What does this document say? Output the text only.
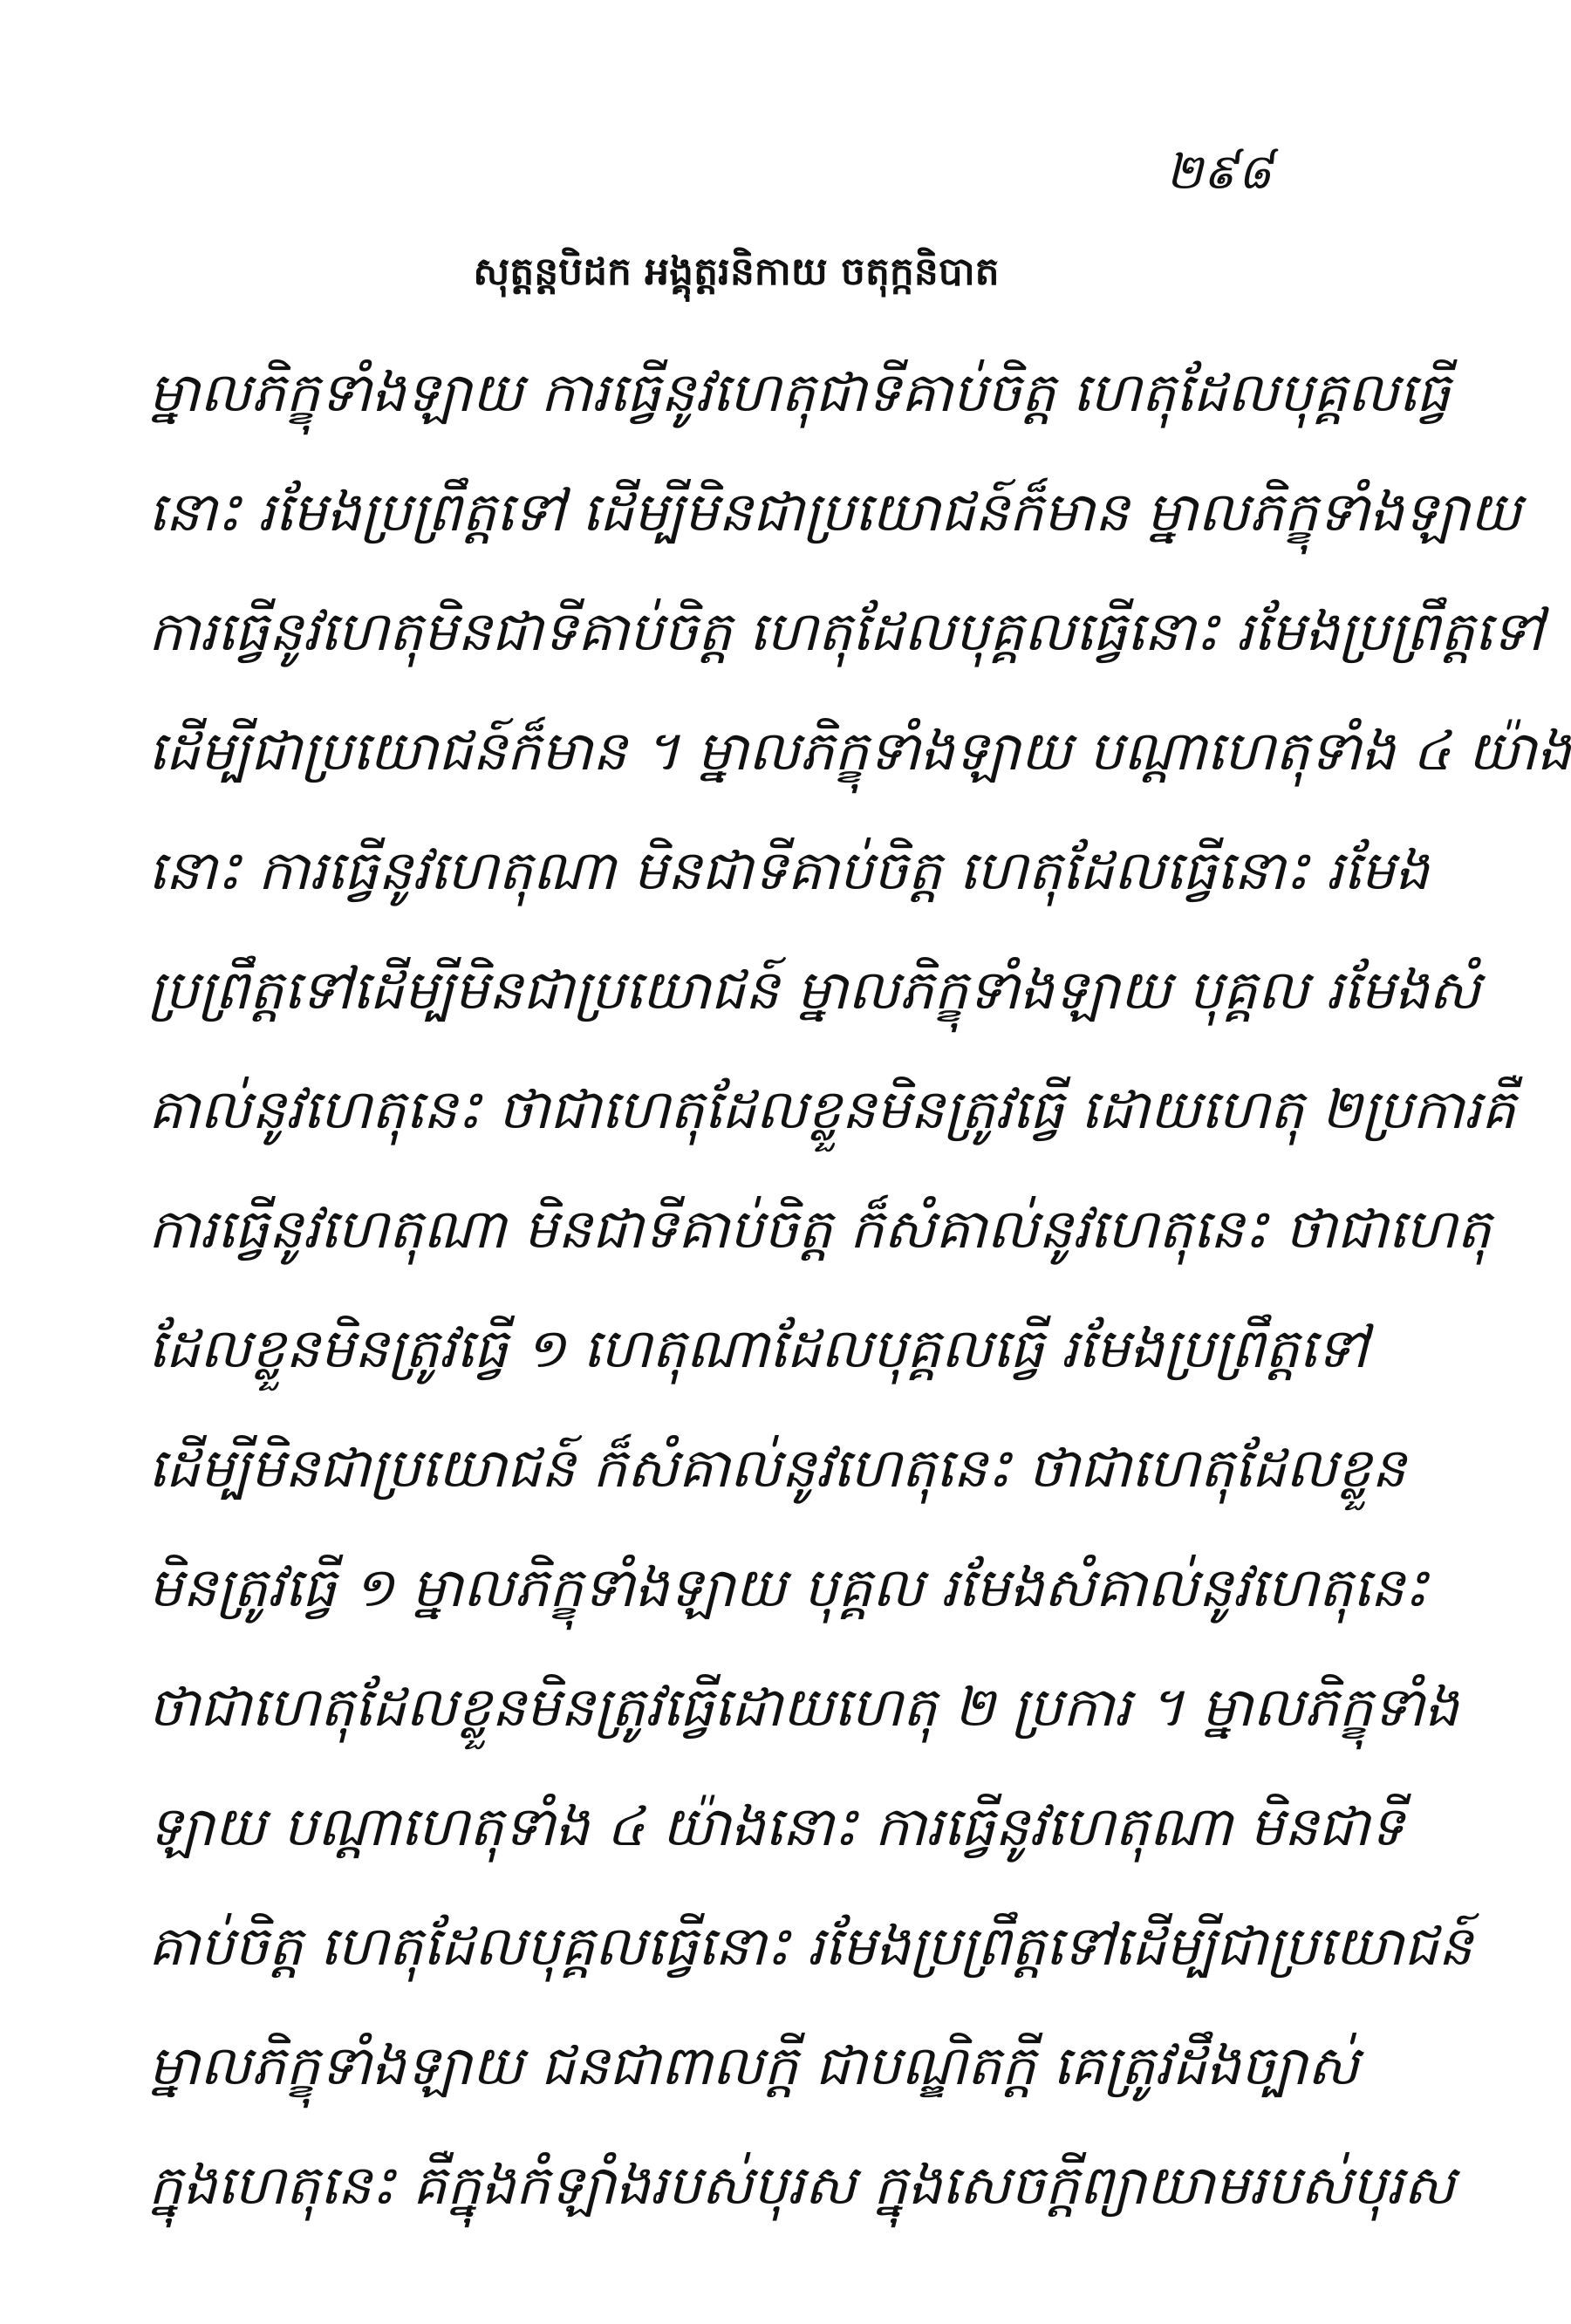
២៩៨
សុត្តន្តបិដក អង្គុត្តរនិកាយ ចតុក្កនិបាត
ម្នាលភិក្ខុទាំងឡាយ ការធ្វើនូវហេតុជាទីគាប់ចិត្ត ហេតុដែលបុគ្គលធ្វើ
នោះ រមែងប្រព្រឹត្តទៅ ដើម្បីមិនជាប្រយោជន៍ក៏មាន ម្នាលភិក្ខុទាំងឡាយ
ការធ្វើនូវហេតុមិនជាទីគាប់ចិត្ត ហេតុដែលបុគ្គលធ្វើនោះ រមែងប្រព្រឹត្តទៅ
ដើម្បីជាប្រយោជន៍ក៏មាន ។ ម្នាលភិក្ខុទាំងឡាយ បណ្តាហេតុទាំង ៤ យ៉ាង
នោះ ការធ្វើនូវហេតុណា មិនជាទីគាប់ចិត្ត ហេតុដែលធ្វើនោះ រមែង
ប្រព្រឹត្តទៅដើម្បីមិនជាប្រយោជន៍ ម្នាលភិក្ខុទាំងឡាយ បុគ្គល រមែងសំ
គាល់នូវហេតុនេះ ថាជាហេតុដែលខ្លួនមិនត្រូវធ្វើ ដោយហេតុ ២ប្រការគឺ
ការធ្វើនូវហេតុណា មិនជាទីគាប់ចិត្ត ក៏សំគាល់នូវហេតុនេះ ថាជាហេតុ
ដែលខ្លួនមិនត្រូវធ្វើ ១ ហេតុណាដែលបុគ្គលធ្វើ រមែងប្រព្រឹត្តទៅ
ដើម្បីមិនជាប្រយោជន៍ ក៏សំគាល់នូវហេតុនេះ ថាជាហេតុដែលខ្លួន
មិនត្រូវធ្វើ ១ ម្នាលភិក្ខុទាំងឡាយ បុគ្គល រមែងសំគាល់នូវហេតុនេះ
ថាជាហេតុដែលខ្លួនមិនត្រូវធ្វើដោយហេតុ ២ ប្រការ ។ ម្នាលភិក្ខុទាំង
ឡាយ បណ្តាហេតុទាំង ៤ យ៉ាងនោះ ការធ្វើនូវហេតុណា មិនជាទី
គាប់ចិត្ត ហេតុដែលបុគ្គលធ្វើនោះ រមែងប្រព្រឹត្តទៅដើម្បីជាប្រយោជន៍
ម្នាលភិក្ខុទាំងឡាយ ជនជាពាលក្តី ជាបណ្ឌិតក្តី គេត្រូវដឹងច្បាស់
ក្នុងហេតុនេះ គឺក្នុងកំឡាំងរបស់បុរស ក្នុងសេចក្តីព្យាយាមរបស់បុរស
